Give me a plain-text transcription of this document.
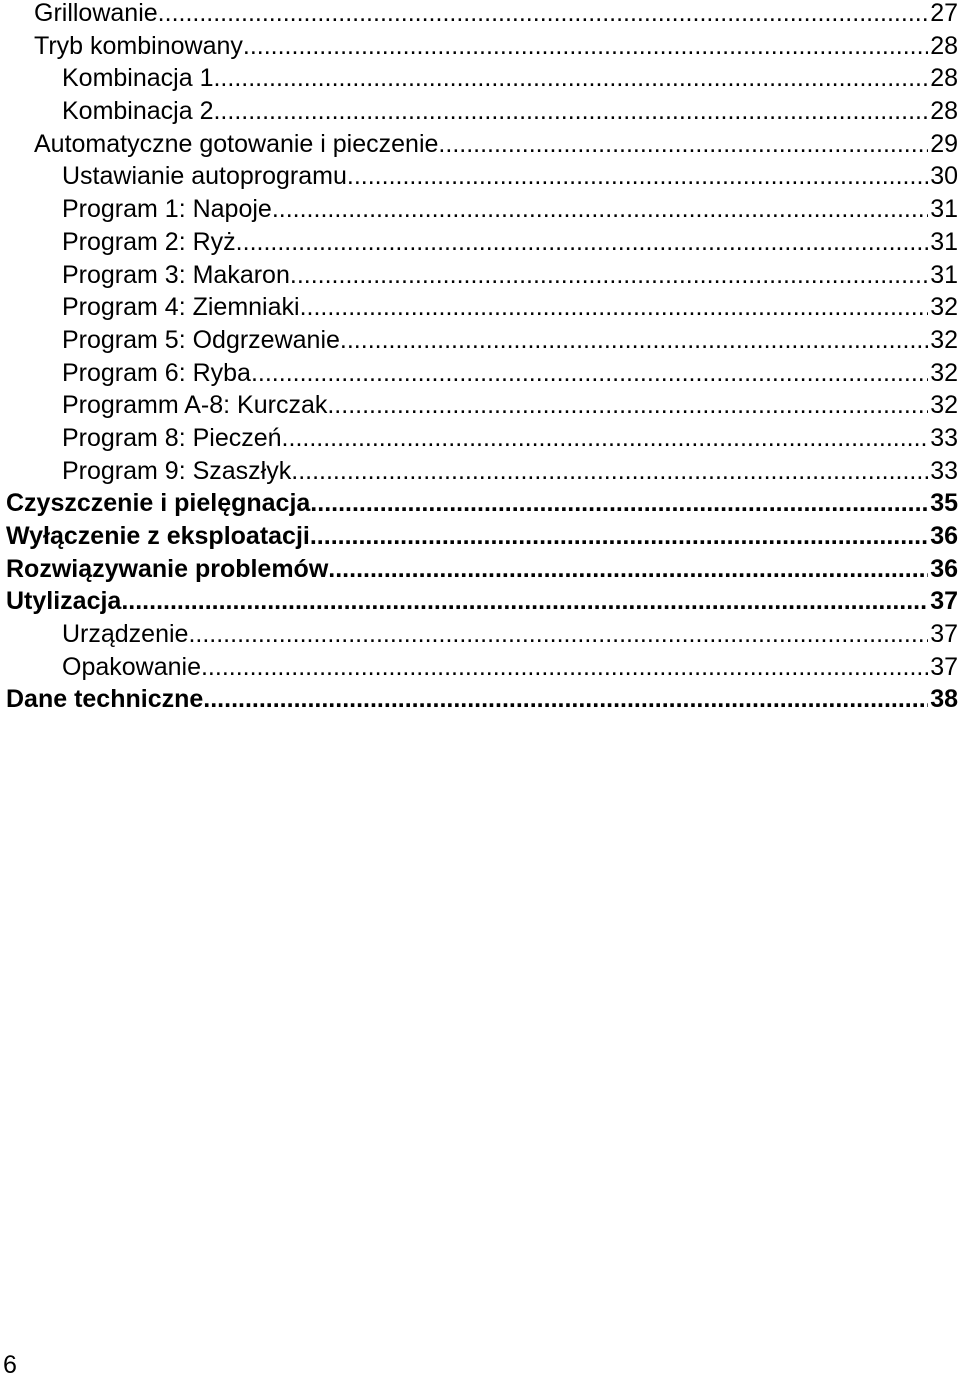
Grillowanie .....	27
Tryb kombinowany .....	28
Kombinacja 1 .....	28
Kombinacja 2 .....	28
Automatyczne gotowanie i pieczenie .....	29
Ustawianie autoprogramu .....	30
Program 1: Napoje .....	31
Program 2: Ryż .....	31
Program 3: Makaron .....	31
Program 4: Ziemniaki .....	32
Program 5: Odgrzewanie .....	32
Program 6: Ryba .....	32
Programm A-8: Kurczak .....	32
Program 8: Pieczeń .....	33
Program 9: Szaszłyk .....	33
Czyszczenie i pielęgnacja .....	35
Wyłączenie z eksploatacji .....	36
Rozwiązywanie problemów .....	36
Utylizacja .....	37
Urządzenie .....	37
Opakowanie .....	37
Dane techniczne .....	38
6
